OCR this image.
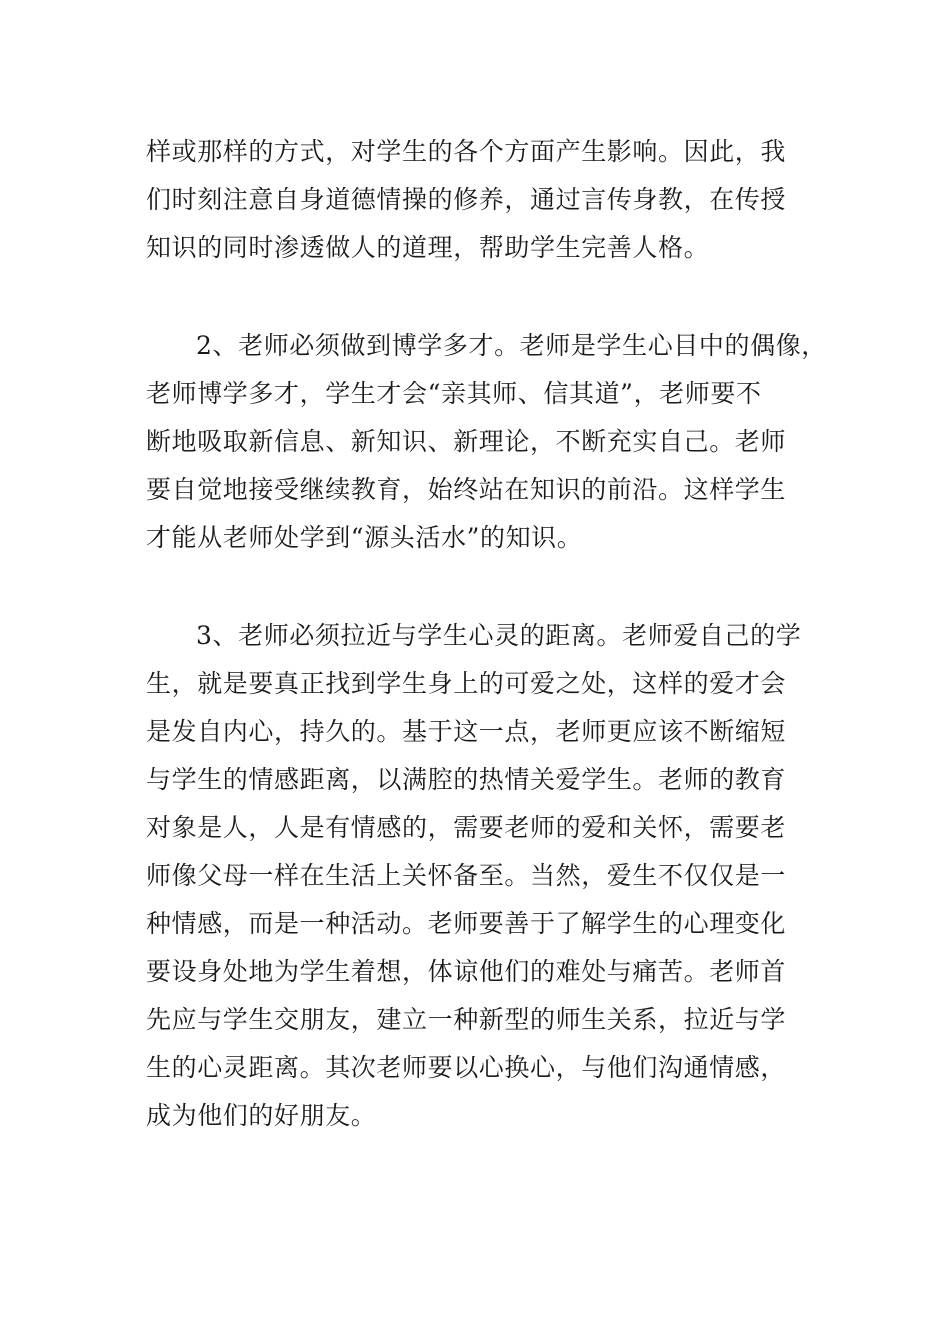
样或那样的方式，对学生的各个方面产生影响。因此，我
们时刻注意自身道德情操的修养，通过言传身教，在传授
知识的同时渗透做人的道理，帮助学生完善人格。
2、老师必须做到博学多才。老师是学生心目中的偶像，
老师博学多才，学生才会“亲其师、信其道”，老师要不
断地吸取新信息、新知识、新理论，不断充实自己。老师
要自觉地接受继续教育，始终站在知识的前沿。这样学生
才能从老师处学到“源头活水”的知识。
3、老师必须拉近与学生心灵的距离。老师爱自己的学
生，就是要真正找到学生身上的可爱之处，这样的爱才会
是发自内心，持久的。基于这一点，老师更应该不断缩短
与学生的情感距离，以满腔的热情关爱学生。老师的教育
对象是人，人是有情感的，需要老师的爱和关怀，需要老
师像父母一样在生活上关怀备至。当然，爱生不仅仅是一
种情感，而是一种活动。老师要善于了解学生的心理变化
要设身处地为学生着想，体谅他们的难处与痛苦。老师首
先应与学生交朋友，建立一种新型的师生关系，拉近与学
生的心灵距离。其次老师要以心换心，与他们沟通情感，
成为他们的好朋友。
